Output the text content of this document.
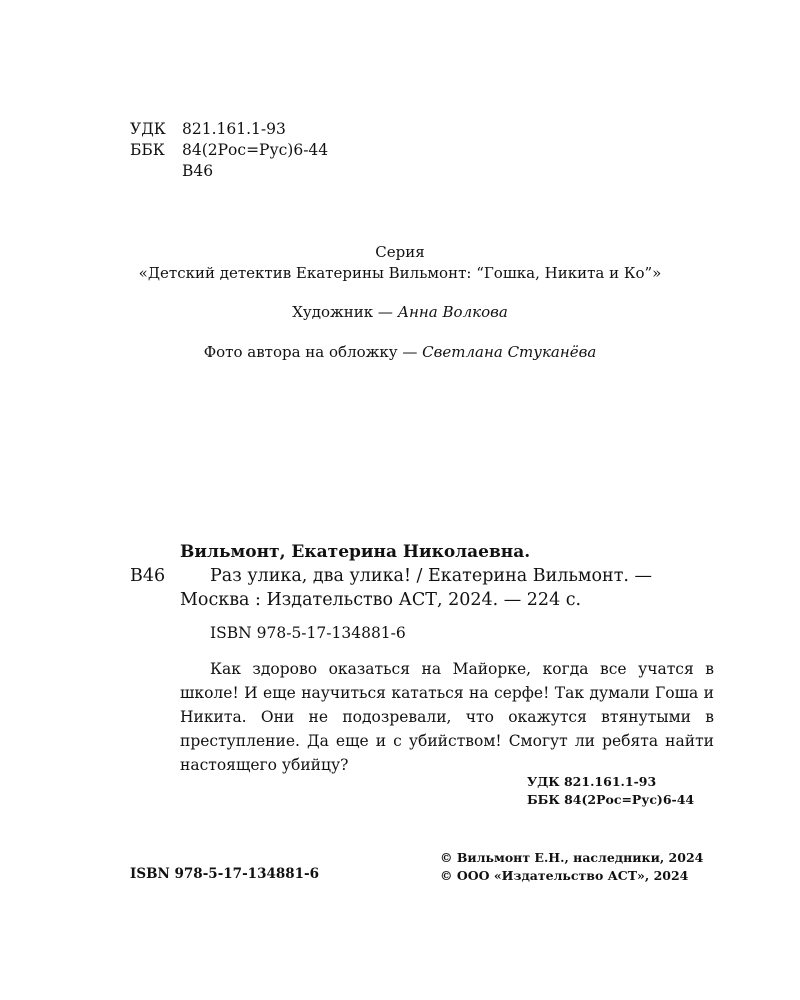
УДК 821.161.1-93
ББК 84(2Рос=Рус)6-44
В46
Серия
«Детский детектив Екатерины Вильмонт: “Гошка, Никита и Ко”»
Художник — Анна Волкова
Фото автора на обложку — Светлана Стуканёва
Вильмонт, Екатерина Николаевна.
В46	Раз улика, два улика! / Екатерина Вильмонт. —
Москва : Издательство АСТ, 2024. — 224 с.
ISBN 978-5-17-134881-6

Как здорово оказаться на Майорке, когда все учатся в школе! И еще научиться кататься на серфе! Так думали Гоша и Никита. Они не подозревали, что окажутся втянутыми в преступление. Да еще и с убийством! Смогут ли ребята найти настоящего убийцу?

УДК 821.161.1-93
ББК 84(2Рос=Рус)6-44
© Вильмонт Е.Н., наследники, 2024
© ООО «Издательство АСТ», 2024
ISBN 978-5-17-134881-6
